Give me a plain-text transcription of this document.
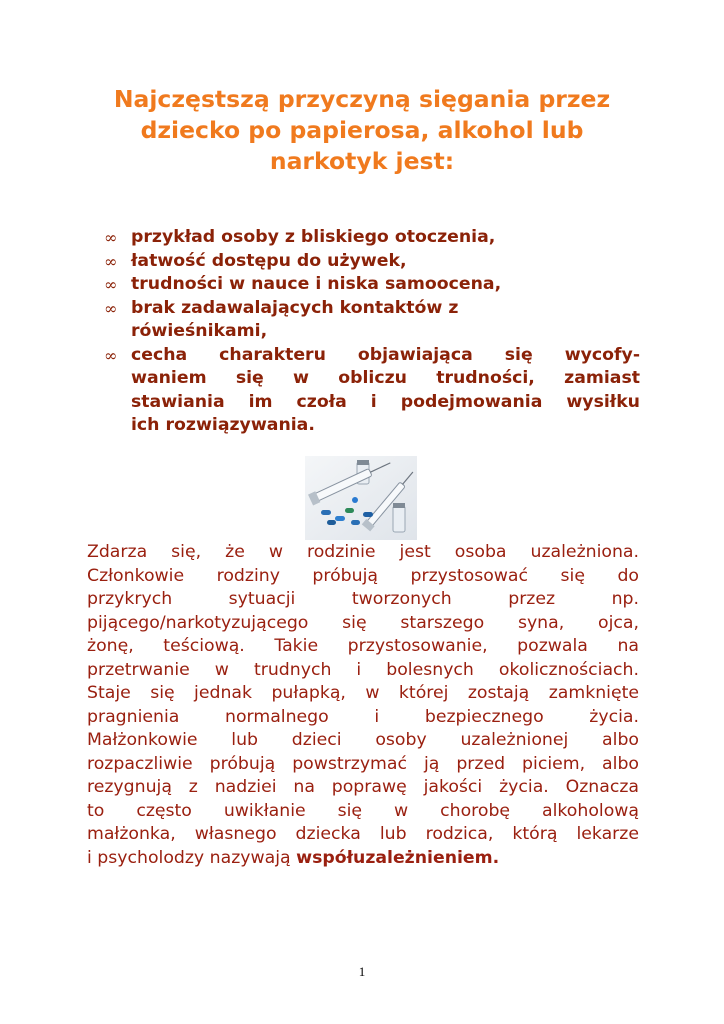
Najczęstszą przyczyną sięgania przez
dziecko po papierosa, alkohol lub
narkotyk jest:
∞ przykład osoby z bliskiego otoczenia,
∞ łatwość dostępu do używek,
∞ trudności w nauce i niska samoocena,
∞ brak zadawalających kontaktów z
rówieśnikami,
∞ cecha charakteru objawiająca się wycofy-
waniem się w obliczu trudności, zamiast
stawiania im czoła i podejmowania wysiłku
ich rozwiązywania.
Zdarza się, że w rodzinie jest osoba uzależniona.
Członkowie rodziny próbują przystosować się do
przykrych sytuacji tworzonych przez np.
pijącego/narkotyzującego się starszego syna, ojca,
żonę, teściową. Takie przystosowanie, pozwala na
przetrwanie w trudnych i bolesnych okolicznościach.
Staje się jednak pułapką, w której zostają zamknięte
pragnienia normalnego i bezpiecznego życia.
Małżonkowie lub dzieci osoby uzależnionej albo
rozpaczliwie próbują powstrzymać ją przed piciem, albo
rezygnują z nadziei na poprawę jakości życia. Oznacza
to często uwikłanie się w chorobę alkoholową
małżonka, własnego dziecka lub rodzica, którą lekarze
i psycholodzy nazywają współuzależnieniem.
1
